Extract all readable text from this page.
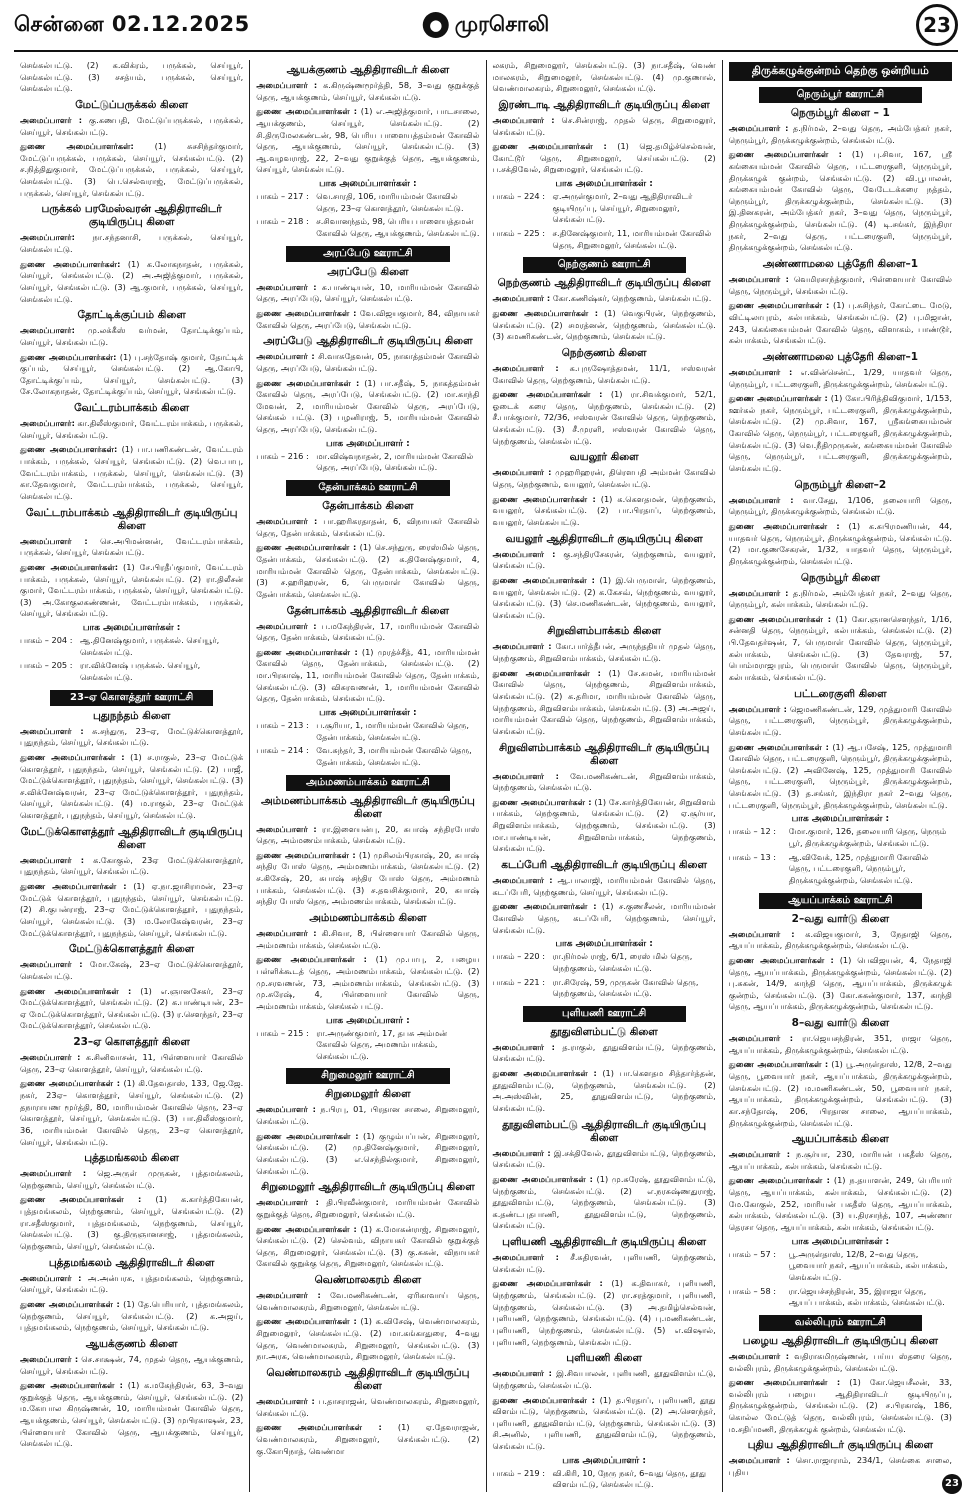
சென்னை 02.12.2025	● முரசொலி	23

செங்கல்பட்டு. (2) க.விக்ரம், பருக்கல், செய்யூர், செங்கல்பட்டு. (3) சசத்யம், பருக்கல், செய்யூர், செங்கல்பட்டு.

மேட்டுப்பருக்கல் கிளை

அமைப்பாளர் : கு.கணபதி, மேட்டுப்பருக்கல், பருக்கல், செய்யூர், செங்கல்பட்டு.

துணை அமைப்பாளர்கள்:	(1) சுசசிந்தர்குமார், மேட்டுப்பருக்கல், பருக்கல், செய்யூர், செங்கல்பட்டு. (2) ச.நித்திதுகுமார், மேட்டுப்பருக்கல், பருக்கல், செய்யூர், செங்கல்பட்டு. (3) பெ.செல்வராஜ், மேட்டுப்பருக்கல், பருக்கல், செய்யூர், செங்கல்பட்டு.

பருக்கல் பரமேஸ்வரன் ஆதிதிராவிடர் குடியிருப்பு கிளை

அமைப்பாளர்: நா.சந்தனாசி, பருக்கல், செய்யூர், செங்கல்பட்டு.

துணை அமைப்பாளர்கள்: (1) க.லோகநாதன், பருக்கல், செய்யூர், செங்கல்பட்டு. (2) அ.அஜித்குமார், பருக்கல், செய்யூர், செங்கல்பட்டு. (3) ஆ.குமார், பருக்கல், செய்யூர், செங்கல்பட்டு.

தோட்டிக்குப்பம் கிளை

அமைப்பாளர்: மு.லக்கீஸ் வர்மன், தோட்டிக்குப்பம், செய்யூர், செங்கல்பட்டு.

துணை அமைப்பாளர்கள்: (1) பு.சந்தோஷ் குமார், தோட்டிக் குப்பம், செய்யூர், செங்கல்பட்டு. (2) ஆ.கோபி, தோட்டிக்குப்பம், செய்யூர், செங்கல்பட்டு. (3) சே.லோகநாதன், தோட்டிக்குப்பம், செய்யூர், செங்கல்பட்டு.

வேட்டரம்பாக்கம் கிளை

அமைப்பாளர்: கா.திலீஸ்குமார், வேட்டரம்பாக்கம், பருக்கல், செய்யூர், செங்கல்பட்டு.

துணை அமைப்பாளர்கள்: (1) பா.பணிகண்டன், வேட்டரம் பாக்கம், பருக்கல், செய்யூர், செங்கல்பட்டு. (2) வெ.பாபு, வேட்டரம்பாக்கம், பருக்கல், செய்யூர், செங்கல்பட்டு. (3) கா.தேவகுமார், வேட்டரம்பாக்கம், பருக்கல், செய்யூர், செங்கல்பட்டு.

வேட்டரம்பாக்கம் ஆதிதிராவிடர் குடியிருப்பு கிளை

அமைப்பாளர் : செ.அபிமன்னன், வேட்டரம்பாக்கம், பருக்கல், செய்யூர், செங்கல்பட்டு.

துணை அமைப்பாளர்கள்: (1) சே.பிரதீப்குமார், வேட்டரம் பாக்கம், பருக்கல், செய்யூர், செங்கல்பட்டு. (2) ரா.திலீசன் குமார், வேட்டரம்பாக்கம், பருக்கல், செய்யூர், செங்கல்பட்டு. (3) அ.கோகுலகண்ணன், வேட்டரம்பாக்கம், பருக்கல், செய்யூர், செங்கல்பட்டு.

பாக அமைப்பாளர்கள் :
பாகம் – 204 : ஆ.தினேஷ்குமார், பருக்கல். செய்யூர், செங்கல்பட்டு.
பாகம் – 205 : ரா.விக்னேஷ் பருக்கல். செய்யூர், செங்கல்பட்டு.
23–ஏ கொளத்தூர் ஊராட்சி
புதுநந்தம் கிளை

அமைப்பாளர் : சு.சந்துரு, 23–ஏ, மேட்டுக்கொளத்தூர், புதுநந்தம், செய்யூர், செங்கல்பட்டு.

துணை அமைப்பாளர்கள் : (1) ச.ராகுல், 23–ஏ மேட்டுக் கொளத்தூர், புதுநந்தம், செய்யூர், செங்கல்பட்டு. (2) பாஜீ, மேட்டுக்கொளத்தூர், புதுநந்தம், செய்யூர், செங்கல்பட்டு. (3) ச.விக்னேஷ்வரன், 23–ஏ மேட்டுக்கொளத்தூர், புதுநந்தம், செய்யூர், செங்கல்பட்டு. (4) ம.ராகுல், 23–ஏ மேட்டுக் கொளத்தூர், புதுநந்தம், செய்யூர், செங்கல்பட்டு.

மேட்டுக்கொளத்தூர் ஆதிதிராவிடர் குடியிருப்பு கிளை

அமைப்பாளர் : க.கோகுல், 23ஏ மேட்டுக்கொளத்தூர், புதுநந்தம், செய்யூர், செங்கல்பட்டு.

துணை அமைப்பாளர்கள் : (1) ஏ.நா.ஜாசிராமன், 23–ஏ மேட்டுக் கொளத்தூர், புதுநந்தம், செய்யூர், செங்கல்பட்டு. (2) சி.குபன்ராஜ், 23–ஏ மேட்டுக்கொளத்தூர், புதுநந்தம், செய்யூர், செங்கல்பட்டு. (3) ம.லோகேஷ்வரன், 23–ஏ மேட்டுக்கொளத்தூர், புதுநந்தம், செய்யூர், செங்கல்பட்டு.

மேட்டுக்கொளத்தூர் கிளை

அமைப்பாளர் : மோ.கேஷ், 23–ஏ மேட்டுக்கொளத்தூர், செங்கல்பட்டு.

துணை அமைப்பாளர்கள் : (1) எ.ஞானசேகர், 23–ஏ மேட்டுக்கொளத்தூர், செங்கல்பட்டு. (2) க.பாண்டியன், 23–ஏ மேட்டுக்கொளத்தூர், செங்கல்பட்டு. (3) ர.சௌந்தர், 23–ஏ மேட்டுக்கொளத்தூர், செங்கல்பட்டு.

23–ஏ கொளத்தூர் கிளை

அமைப்பாளர் : க.சினிவாசன், 11, பிள்ளையார் கோவில் தெரு, 23–ஏ கொளத்தூர், செய்யூர், செங்கல்பட்டு.

துணை அமைப்பாளர்கள் : (1) கி.தேவதாஸ், 133, ஜே.ஜே. நகர், 23ஏ– கொளத்தூர், செய்யூர், செங்கல்பட்டு. (2) தநாராயண மூர்த்தி, 80, மாரியம்மன் கோவில் தெரு, 23–ஏ கொளத்தூர், செய்யூர், செங்கல்பட்டு. (3) பா.திலீஸ்குமார், 36, மாரியம்மன் கோவில் தெரு, 23–ஏ கொளத்தூர், செய்யூர், செங்கல்பட்டு.

புத்தமங்கலம் கிளை

அமைப்பாளர் : ஜெ.அருள் முருகன், புத்தமங்கலம், நெற்குணம், செய்யூர், செங்கல்பட்டு.

துணை அமைப்பாளர்கள் : (1) க.கார்த்திகேயன், புத்தமங்கலம், நெற்குணம், செய்யூர், செங்கல்பட்டு. (2) ரா.சதீஸ்குமார், புத்தமங்கலம், நெற்குணம், செய்யூர், செங்கல்பட்டு. (3) கு.திருஞானசாஜ், புத்தமங்கலம், நெற்குணம், செய்யூர், செங்கல்பட்டு.

புத்தமங்கலம் ஆதிதிராவிடர் கிளை

அமைப்பாளர் : அ.அன்பரசு, புத்தமங்கலம், நெற்குணம், செய்யூர், செங்கல்பட்டு.

துணை அமைப்பாளர்கள் : (1) தே.பெரியார், புத்தமங்கலம், நெற்குணம், செய்யூர், செங்கல்பட்டு. (2) க.அஜய், புத்தமங்கலம், நெற்குணம், செய்யூர், செங்கல்பட்டு.

ஆயக்குணம் கிளை

அமைப்பாளர் : செ.சாக்ஷன், 74, முதல் தெரு, ஆயக்குணம், செய்யூர், செங்கல்பட்டு.

துணை அமைப்பாளர்கள் : (1) க.மகேந்திரன், 63, 3–வது குறுக்குத் தெரு, ஆயக்குணம், செய்யூர், செங்கல்பட்டு. (2) ம.கோபால கிருஷ்ணன், 10, மாரியம்மன் கோவில் தெரு, ஆயக்குணம், செய்யூர், செங்கல்பட்டு. (3) முபிரகாஷன், 23, பிள்ளையார் கோவில் தெரு, ஆயக்குணம், செய்யூர், செங்கல்பட்டு.

ஆயக்குணம் ஆதிதிராவிடர் கிளை

அமைப்பாளர் : க.கிருஷ்ணமூர்த்தி, 58, 3–வது குறுக்குத் தெரு, ஆயக்குணம், செய்யூர், செங்கல்பட்டு.

துணை அமைப்பாளர்கள் : (1) எ.அஜித்குமார், பாடசாலை, ஆயக்குணம், செய்யூர், செங்கல்பட்டு. (2) சி.திருமேலகண்டன், 98, பெரிய பாளையத்தம்மன் கோவில் தெரு, ஆயக்குணம், செய்யூர், செங்கல்பட்டு. (3) ஆ.வழவராஜ், 22, 2–வது குறுக்குத் தெரு, ஆயக்குணம், செய்யூர், செங்கல்பட்டு.

பாக அமைப்பாளர்கள் :
பாகம் – 217 : வெ.சாரதி, 106, மாரியம்மன் கோவில் தெரு, 23–ஏ கொளத்தூர், செங்கல்பட்டு.
பாகம் – 218 : ச.சிவானந்தம், 98, பெரிய பாளையத்தமன் கோவில் தெரு, ஆயக்குணம், செங்கல்பட்டு.
அரப்பேடு ஊராட்சி
அரப்பேடு கிளை

அமைப்பாளர் : சு.பாண்டியன், 10, மாரியம்மன் கோவில் தெரு, அரப்பேடு, செய்யூர், செங்கல்பட்டு.

துணை அமைப்பாளர்கள் : வே.விஜயகுமார், 84, விநாயகர் கோவில் தெரு, அரப்பேடு, செங்கல்பட்டு.

அரப்பேடு ஆதிதிராவிடர் குடியிருப்பு கிளை

அமைப்பாளர் : சி.வாசுதேவன், 05, நாகாத்தம்மன் கோவில் தெரு, அரப்பேடு, செங்கல்பட்டு.

துணை அமைப்பாளர்கள் : (1) பா.சதீஷ், 5, நாகத்தம்மன் கோவில் தெரு, அரப்பேடு, செங்கல்பட்டு. (2) மா.காந்தி மேவன், 2, மாரியம்மன் கோவில் தெரு, அரப்பேடு, செங்கல் பட்டு. (3) பழனிராஜ், 5, மாரியம்மன் கோவில் தெரு, அரப்பேடு, செங்கல்பட்டு.

பாக அமைப்பாளர் :
பாகம் – 216 : மா.விஷ்வநாதன், 2, மாரியம்மன் கோவில் தெரு, அரப்பேடு, செங்கல்பட்டு.
தேன்பாக்கம் ஊராட்சி
தேன்பாக்கம் கிளை

அமைப்பாளர் : பா.ஹரிகரதாதன், 6, விநாயகர் கோவில் தெரு, தேன்பாக்கம், செங்கல்பட்டு.

துணை அமைப்பாளர்கள் : (1) செ.சந்துரு, ரைஸ்மில் தெரு, தேன்பாக்கம், செங்கல்பட்டு. (2) க.தினேஷ்குமார், 4, மாரியம்மன் கோவில் தெரு, தேன்பாக்கம், செங்கல்பட்டு. (3) ச.ஹரிஹரன், 6, பெருமாள் கோவில் தெரு, தேன்பாக்கம், செங்கல்பட்டு.

தேன்பாக்கம் ஆதிதிராவிடர் கிளை

அமைப்பாளர் : ப.மகேந்திரன், 17, மாரியம்மன் கோவில் தெரு, தேன்பாக்கம், செங்கல்பட்டு.

துணை அமைப்பாளர்கள் : (1) முரத்ச்சீத், 41, மாரியம்மன் கோவில் தெரு, தேன்பாக்கம், செங்கல்பட்டு. (2) மா.பிரகாஷ், 11, மாரியம்மன் கோவில் தெரு, தேன்பாக்கம், செங்கல்பட்டு. (3) விசுரவணன், 1, மாரியம்மன் கோவில் தெரு, தேன்பாக்கம், செங்கல்பட்டு.

பாக அமைப்பாளர்கள் :
பாகம் – 213 : ப.சூரியா, 1, மாரியம்மன் கோவில் தெரு, தேன்பாக்கம், செங்கல்பட்டு.
பாகம் – 214 : வே.சுந்தர், 3, மாரியம்மன் கோவில் தெரு, தேன்பாக்கம், செங்கல்பட்டு.
அம்மணம்பாக்கம் ஊராட்சி
அம்மணம்பாக்கம் ஆதிதிராவிடர் குடியிருப்பு கிளை

அமைப்பாளர் : ரா.இளையன்பு, 20, சுபாஷ் சந்திரபோஸ் தெரு, அம்மணம்பாக்கம், செங்கல்பட்டு.

துணை அமைப்பாளர்கள் : (1) முசிலம்பிரகாஷ், 20, சுபாஷ் சந்திர போஸ் தெரு, அம்மணம்பாக்கம், செங்கல்பட்டு. (2) ச.கிசேஷ், 20, சுபாஷ் சந்திர போஸ் தெரு, அம்மணம் பாக்கம், செங்கல்பட்டு. (3) ச.தவசிக்குமார், 20, சுபாஷ் சந்திர போஸ் தெரு, அம்மணம்பாக்கம், செங்கல்பட்டு.

அம்மணம்பாக்கம் கிளை

அமைப்பாளர் : கி.சிவா, 8, பிள்ளையார் கோவில் தெரு, அம்மணம்பாக்கம், செங்கல்பட்டு.

துணை அமைப்பாளர்கள் : (1) மு.பாபு, 2, பழைய பள்ளிக்கூடத் தெரு, அம்மணம்பாக்கம், செங்கல்பட்டு. (2) மு.சரவணன், 73, அம்மணம்பாக்கம், செங்கல்பட்டு. (3) மு.சுரேஷ், 4, பிள்ளையார் கோவில் தெரு, அம்மணம்பாக்கம், செங்கல் பட்டு.

பாக அமைப்பாளர் :
பாகம் – 215 : ரா.அருண்குமார், 17, தபசு அம்மன் கோவில் தெரு, அமணம்பாக்கம், செங்கல்பட்டு.
சிறுமைலூர் ஊராட்சி
சிறுமைலூர் கிளை

அமைப்பாளர் : ந.பிரபு, 01, பிரதான சாலை, சிறுமைலூர், செங்கல்பட்டு.

துணை அமைப்பாளர்கள் : (1) குழும்பப்பன், சிறுமைலூர், செங்கல்பட்டு. (2) மு.தினேஷ்குமார், சிறுமைலூர், செங்கல்பட்டு. (3) எ.செந்தில்குமார், சிறுமைலூர், செங்கல்பட்டு.

சிறுமைலூர் ஆதிதிராவிடர் குடியிருப்பு கிளை

அமைப்பாளர் : தி.பிரவீன்குமார், மாரியம்மன் கோவில் குறுக்குத் தெரு, சிறுமைலூர், செங்கல்பட்டு.

துணை அமைப்பாளர்கள் : (1) க.மோகன்ராஜ், சிறுமைலூர், செங்கல்பட்டு. (2) செல்வம், விநாயகர் கோவில் குறுக்குத் தெரு, சிறுமைலூர், செங்கல்பட்டு. (3) கு.சுகன், விநாயகர் கோவில் குறுக்கு தெரு, சிறுமைலூர், செங்கல்பட்டு.

வெண்மாலகரம் கிளை

அமைப்பாளர் : வே.மணிகண்டன், ஏரிகாவாய் தெரு, வெண்மாலகரம், சிறுமைலூர், செங்கல்பட்டு.

துணை அமைப்பாளர்கள் : (1) க.விசேஷ், வெண்மாலகரம், சிறுமைலூர், செங்கல்பட்டு. (2) மா.கங்காதுரை, 4–வது தெரு, வெண்மாலகரம், சிறுமைலூர், செங்கல்பட்டு. (3) நா.அரசு, வெண்மாலகரம், சிறுமைலூர், செங்கல்பட்டு.

வெண்மாலகரம் ஆதிதிராவிடர் குடியிருப்பு கிளை

அமைப்பாளர் : ப.தாசராஜன், வெண்மாலகரம், சிறுமைலூர், செங்கல்பட்டு.

துணை அமைப்பாளர்கள் : (1) ஏ.தேவராஜன், வெண்மாலகரம், சிறுமைலூர், செங்கல்பட்டு. (2) கு.கோபிநாத், வெண்மா

லகரம், சிறுமைலூர், செங்கல்பட்டு. (3) நா.சதீஷ், வெண் மாலகரம், சிறுமைலூர், செங்கல்பட்டு. (4) மு.குணால், வெண்மாலகரம், சிறுமைலூர், செங்கல்பட்டு.

இரண்டாடி ஆதிதிராவிடர் குடியிருப்பு கிளை

அமைப்பாளர் : செ.சின்ராஜ், முதல் தெரு, சிறுமைலூர், செங்கல்பட்டு.

துணை அமைப்பாளர்கள் : (1) ஜெ.தமிழ்ச்செல்வன், கோட்டூர் தெரு, சிறுமைலூர், செய்கல்பட்டு. (2) ப.சக்திவேல், சிறுமைலூர், செங்கல்பட்டு.

பாக அமைப்பாளர்கள் :
பாகம் – 224 : ஏ.அருள்குமார், 2–வது ஆதிதிராவிடர் குடியிருப்பு, செய்யூர், சிறுமைலூர், செங்கல்பட்டு.
பாகம் – 225 : ச.தினேஷ்குமார், 11, மாரியம்மன் கோவில் தெரு, சிறுமைலூர், செங்கல்பட்டு.
நெற்குணம் ஊராட்சி
நெற்குணம் ஆதிதிராவிடர் குடியிருப்பு கிளை

அமைப்பாளர் : கோ.கணிஷ்கர், நெற்குணம், செங்கல்பட்டு.

துணை அமைப்பாளர்கள் : (1) வெகுபிரன், நெற்குணம், செங்கல்பட்டு. (2) சமரத்னன், நெற்குணம், செங்கல்பட்டு. (3) சுமணிகண்டன், நெற்குணம், செங்கல்பட்டு.

நெற்குணம் கிளை

அமைப்பாளர் : க.புருஷோத்தமன், 11/1, ஈஸ்வரன் கோவில் தெரு, நெற்குணம், செங்கல்பட்டு.

துணை அமைப்பாளர்கள் : (1) ரா.சிவக்குமார், 52/1, ஓடைக் கரை தெரு, நெற்குணம், செங்கல்பட்டு. (2) சீ.பாக்குமார், 72/36, ஈஸ்வரன் கோவில் தெரு, நெற்குணம், செங்கல்பட்டு. (3) சீ.முரளி, ஈஸ்வரன் கோவில் தெரு, நெற்குணம், செங்கல்பட்டு.

வயலூர் கிளை

அமைப்பாளர் : முஹரிஹரன், திரௌபதி அம்மன் கோவில் தெரு, நெற்குணம், வயலூர், செங்கல்பட்டு.

துணை அமைப்பாளர்கள் : (1) க.கெளதமன், நெற்குணம், வயலூர், செங்கல்பட்டு. (2) பா.பிரதாப், நெற்குணம், வயலூர், செங்கல்பட்டு.

வயலூர் ஆதிதிராவிடர் குடியிருப்பு கிளை

அமைப்பாளர் : கு.சந்திரசேகரன், நெற்குணம், வயலூர், செங்கல்பட்டு.

துணை அமைப்பாளர்கள் : (1) இ.பெருமாள், நெற்குணம், வயலூர், செங்கல்பட்டு. (2) க.கேசவ், நெற்குணம், வயலூர், செங்கல்பட்டு. (3) செ.மணிகண்டன், நெற்குணம், வயலூர், செங்கல்பட்டு.

சிறுவிளம்பாக்கம் கிளை

அமைப்பாளர் : கோ.பார்த்தீபன், அருந்ததியர் முதல் தெரு, நெற்குணம், சிறுவிளம்பாக்கம், செங்கல்பட்டு.

துணை அமைப்பாளர்கள் : (1) சே.சுமன், மாரியம்மன் கோவில் தெரு, நெற்குணம், சிறுவிளம்பாக்கம், செங்கல்பட்டு. (2) க.தரிமா, மாரியம்மன் கோவில் தெரு, நெற்குணம், சிறுவிளம்பாக்கம், செங்கல்பட்டு. (3) அ.அஜய், மாரியம்மன் கோவில் தெரு, நெற்குணம், சிறுவிளம்பாக்கம், செங்கல்பட்டு.

சிறுவிளம்பாக்கம் ஆதிதிராவிடர் குடியிருப்பு கிளை

அமைப்பாளர் : வே.மணிகண்டன், சிறுவிளம்பாக்கம், நெற்குணம், செங்கல்பட்டு.

துணை அமைப்பாளர்கள் : (1) சே.கார்த்திகேயன், சிறுவிளம் பாக்கம், நெற்குணம், செங்கல்பட்டு. (2) ஏ.சூர்யா, சிறுவிளம்பாக்கம், நெற்குணம், செங்கல்பட்டு. (3) மா.பாண்டியன், சிறுவிளம்பாக்கம், நெற்குணம், செங்கல்பட்டு.

கடப்பேரி ஆதிதிராவிடர் குடியிருப்பு கிளை

அமைப்பாளர் : ஆ.பாலாஜி, மாரியம்மன் கோவில் தெரு, கடப்பேரி, நெற்குணம், செய்யூர், செங்கல்பட்டு.

துணை அமைப்பாளர்கள் : (1) ச.குணசீலன், மாரியம்மன் கோவில் தெரு, கடப்பேரி, நெற்குணம், செய்யூர், செங்கல்பட்டு.

பாக அமைப்பாளர்கள் :
பாகம் – 220 : ரா.நிர்மல் ராஜ், 6/1, ரைஸ் மில் தெரு, நெற்குணம், செங்கல்பட்டு.
பாகம் – 221 : ரா.சிரேஷ், 59, முருகன் கோவில் தெரு, நெற்குணம், செங்கல்பட்டு.
புளியணி ஊராட்சி
தூதுவிளம்பட்டு கிளை

அமைப்பாளர் : த.ராகுல், தூதுவிளம்பட்டு, நெற்குணம், செங்கல்பட்டு.

துணை அமைப்பாளர்கள் : (1) பா.கௌதம சித்தார்த்தன், தூதுவிளம்பட்டு, நெற்குணம், செங்கல்பட்டு. (2) அ.அஸ்வின், 25, தூதுவிளம்பட்டு, நெற்குணம், செங்கல்பட்டு.

தூதுவிளம்பட்டு ஆதிதிராவிடர் குடியிருப்பு கிளை

அமைப்பாளர் : இ.சக்திவேல், தூதுவிளம்பட்டு, நெற்குணம், செங்கல்பட்டு.

துணை அமைப்பாளர்கள் : (1) மு.சுரேஷ், தூதுவிளம்பட்டு, நெற்குணம், செங்கல்பட்டு. (2) எ.நரசுஷ்ணதுராஜ், தூதுவிளம்பட்டு, நெற்குணம், செங்கல்பட்டு. (3) க.தண்டபுதபாணி, தூதுவிளம்பட்டு, நெற்குணம், செங்கல்பட்டு.

புளியணி ஆதிதிராவிடர் குடியிருப்பு கிளை

அமைப்பாளர் : சீ.சுதிரவன், புளியணி, நெற்குணம், செங்கல்பட்டு.

துணை அமைப்பாளர்கள் : (1) க.திவாகர், புளியணி, நெற்குணம், செங்கல்பட்டு. (2) ரா.சரத்குமார், புளியணி, நெற்குணம், செங்கல்பட்டு. (3) அ.தமிழ்செல்வன், புளியணி, நெற்குணம், செங்கல்பட்டு. (4) பு.மணிகண்டன், புளியணி, நெற்குணம், செங்கல்பட்டு. (5) எ.விஷால், புளியணி, நெற்குணம், செங்கல்பட்டு.

புளியணி கிளை

அமைப்பாளர் : இ.சிவபாலன், புளியணி, தூதுவிளம்பட்டு, நெற்குணம், செங்கல்பட்டு.

துணை அமைப்பாளர்கள் : (1) த.பிரதாப், புளியணி, தூது விளம்பட்டு, நெற்குணம், செங்கல்பட்டு. (2) அ.சௌந்தர், புளியணி, தூதுவிளம்பட்டு, நெற்குணம், செங்கல்பட்டு. (3) சி.அனில், புளியணி, தூதுவிளம்பட்டு, நெற்குணம், செங்கல்பட்டு.

பாக அமைப்பாளர் :
பாகம் – 219 : வி.கிரி, 10, நேரு நகர், 6–வது தெரு, தூது விளம்பட்டு, செங்கல்பட்டு.
திருக்கழுக்குன்றம் தெற்கு ஒன்றியம்
நெரும்பூர் ஊராட்சி
நெரும்பூர் கிளை – 1

அமைப்பாளர் : த.நிர்மல், 2–வது தெரு, அம்பேத்கர் நகர், நெரும்பூர், திருக்கழுக்குன்றம், செங்கல்பட்டு.

துணை அமைப்பாளர்கள் : (1) பு.சிவா, 167, ஸ்ரீ கங்கையம்மன் கோவில் தெரு, பட்டரைகுளி, நெரும்பூர், திருக்கழுக் குன்றம், செங்கல்பட்டு. (2) வி.பூபாலன், கங்கையம்மன் கோவில் தெரு, வேடேடக்கரை நத்தம், நெரும்பூர், திருக்கழுக்குன்றம், செங்கல்பட்டு. (3) இ.தினகரன், அம்பேத்கர் நகர், 3–வது தெரு, நெரும்பூர், திருக்கழுக்குன்றம், செங்கல்பட்டு. (4) டி.சங்கர், இந்திரா நகர், 2–வது தெரு, பட்டரைகுளி, நெரும்பூர், திருக்கழுக்குன்றம், செங்கல்பட்டு.

அண்ணாமலை புத்தேரி கிளை–1

அமைப்பாளர் : வெமிரசாந்த்குமார், பிள்ளையார் கோவில் தெரு, நெரும்பூர், செங்கல்பட்டு.

துணை அமைப்பாளர்கள் : (1) பு.சுசிந்தர், கோட்டை மேடு, விட்டிலாபுரம், கல்பாக்கம், செங்கல்பட்டு. (2) பு.மிஜான், 243, கெங்கையம்மன் கோவில் தெரு, விளாகம், பாண்டூர், கல்பாக்கம், செங்கல்பட்டு.

அண்ணாமலை புத்தேரி கிளை–1

அமைப்பாளர் : எ.வின்சென்ட், 1/29, யாதவர் தெரு, நெரும்பூர், பட்டரைகுளி, திருக்கழுக்குன்றம், செங்கல்பட்டு.

துணை அமைப்பாளர்கள் : (1) கோ.பிரித்திவிகுமார், 1/153, ஊர்கல் நகர், நெரும்பூர், பட்டரைகுளி, திருக்கழுக்குன்றம், செங்கல்பட்டு. (2) மு.சிவா, 167, ஸ்ரீகங்கையம்மன் கோவில் தெரு, நெரும்பூர், பட்டரைகுளி, திருக்கழுக்குன்றம், செங்கல்பட்டு. (3) வெ.நீதிமுருகன், கங்கையம்மன் கோவில் தெரு, நெரும்பூர், பட்டரைகுளி, திருக்கழுக்குன்றம், செங்கல்பட்டு.

நெரும்பூர் கிளை–2

அமைப்பாளர் : வா.சேது, 1/106, தலையாரி தெரு, நெரும்பூர், திருக்கழுக்குன்றம், செங்கல்பட்டு.

துணை அமைப்பாளர்கள் : (1) க.சுபிரமணியன், 44, யாதவர் தெரு, நெரும்பூர், திருக்கழுக்குன்றம், செங்கல்பட்டு. (2) மா.குணசேகரன், 1/32, யாதவர் தெரு, நெரும்பூர், திருக்கழுக்குன்றம், செங்கல்பட்டு.

நெரும்பூர் கிளை

அமைப்பாளர் : த.நிர்மல், அம்பேத்கர் நகர், 2–வது தெரு, நெரும்பூர், கல்பாக்கம், செங்கல்பட்டு.

துணை அமைப்பாளர்கள் : (1) கோ.ஞானசௌந்தர், 1/16, சன்னதி தெரு, நெரும்பூர், கல்பாக்கம், செங்கல்பட்டு. (2) பி.தேவதர்ஷன், 7, பெருமாள் கோவில் தெரு, நெரும்பூர், கல்பாக்கம், செங்கல்பட்டு. (3) தேவராஜ், 57, பொம்மராஜபுரம், பெருமாள் கோவில் தெரு, நெரும்பூர், கல்பாக்கம், செங்கல்பட்டு.

பட்டரைகுளி கிளை

அமைப்பாளர் : ஜெமணிகண்டன், 129, முத்துமாரி கோவில் தெரு, பட்டரைகுளி, நெரும்பூர், திருக்கழுக்குன்றம், செங்கல்பட்டு.

துணை அமைப்பாளர்கள் : (1) ஆ.பசேஷ், 125, முத்துமாரி கோவில் தெரு, பட்டரைகுளி, நெரும்பூர், திருக்கழுக்குன்றம், செங்கல்பட்டு. (2) அவினேஷ், 125, முத்துமாரி கோவில் தெரு, பட்டரைகுளி, நெரும்பூர், திருக்கழுக்குன்றம், செங்கல்பட்டு. (3) த.சங்கர், இந்திரா நகர் 2–வது தெரு, பட்டரைகுளி, நெரும்பூர், திருக்கழுக்குன்றம், செங்கல்பட்டு.

பாக அமைப்பாளர்கள் :
பாகம் – 12 :	மோ.குமார், 126, தலையாரி தெரு, நெரும் பூர், திருக்கழுக்குன்றம், செங்கல்பட்டு.
பாகம் – 13 :	ஆ.விவேக், 125, முத்துமாரி கோவில் தெரு, பட்டரைகுளி, நெரும்பூர், திருக்கழுக்குன்றம், செங்கல்பட்டு.
ஆயப்பாக்கம் ஊராட்சி
2–வது வார்டு கிளை

அமைப்பாளர் : க.விஜயகுமார், 3, நேதாஜி தெரு, ஆயப்பாக்கம், திருக்கழுக்குன்றம், செங்கல்பட்டு.

துணை அமைப்பாளர்கள் : (1) பெவிஜயன், 4, நேதாஜி தெரு, ஆயப்பாக்கம், திருக்கழுக்குன்றம், செங்கல்பட்டு. (2) பு.சுகன், 14/9, காந்தி தெரு, ஆயப்பாக்கம், திருக்கழுக் குன்றம், செங்கல்பட்டு. (3) கோ.சுகன்குமார், 137, காந்தி தெரு, ஆயப்பாக்கம், திருக்கழுக்குன்றம், செங்கல்பட்டு.

8–வது வார்டு கிளை

அமைப்பாளர் : ரா.ஜெயசந்திரன், 351, ராஜா தெரு, ஆயப்பாக்கம், திருக்கழுக்குன்றம், செங்கல்பட்டு.

துணை அமைப்பாளர்கள் : (1) பூ.அருள்தாஸ், 12/8, 2–வது தெரு, பூவையார் நகர், ஆயப்பாக்கம், திருக்கழுக்குன்றம், செங்கல்பட்டு. (2) ம.மணிகண்டன், 50, பூவையார் நகர், ஆயப்பாக்கம், திருக்கழுக்குன்றம், செங்கல்பட்டு. (3) கா.சந்தோஷ், 206, பிரதான சாலை, ஆயப்பாக்கம், திருக்கழுக்குன்றம், செங்கல்பட்டு.

ஆயப்பாக்கம் கிளை

அமைப்பாளர் : ந.சூர்யா, 230, மாரியன் பகதீஸ் தெரு, ஆயப்பாக்கம், கல்பாக்கம், செங்கல்பட்டு.

துணை அமைப்பாளர்கள் : (1) ந.தயாளன், 249, பெரியார் தெரு, ஆயப்பாக்கம், கல்பாக்கம், செங்கல்பட்டு. (2) மே.கோகுல், 252, மாரியன் பகதீஸ் தெரு, ஆயப்பாக்கம், கல்பாக்கம், செங்கல்பட்டு. (3) ய.திரசாந்த், 107, அண்ணா தெரசா தெரு, ஆயப்பாக்கம், கல்பாக்கம், செங்கல்பட்டு.

பாக அமைப்பாளர்கள் :
பாகம் – 57 :	பூ.அருள்தாஸ், 12/8, 2–வது தெரு, பூவையார் நகர், ஆயப்பாக்கம், கல்பாக்கம், செங்கல்பட்டு.
பாகம் – 58 :	ரா.ஜெயச்சந்திரன், 35, இராஜா தெரு, ஆயப் பாக்கம், கல்பாக்கம், செங்கல்பட்டு.
வல்லிபுரம் ஊராட்சி
பழைய ஆதிதிராவிடர் குடியிருப்பு கிளை

அமைப்பாளர் : வதிராகமிருஷ்ணன், பய்ய ஸ்தரை தெரு, வல்லிபுரம், திருக்கழுக்குன்றம், செங்கல்பட்டு.

துணை அமைப்பாளர்கள் : (1) கோ.ஜெயசீலன், 33, வல்லிபுரம் பழைய ஆதிதிராவிடர் குடியிருப்பு, திருக்கழுக்குன்றம், செங்கல்பட்டு. (2) ச.பிரகாஷ், 186, கொல்ல மேட்டுத் தெரு, வல்லிபுரம், செங்கல்பட்டு. (3) ம.சதிப்மணி, திருக்கழுக் குன்றம், செங்கல்பட்டு.

புதிய ஆதிதிராவிடர் குடியிருப்பு கிளை

அமைப்பாளர் : சொ.ராஜாராம், 234/1, செங்கை சாலை, புதிய

23
